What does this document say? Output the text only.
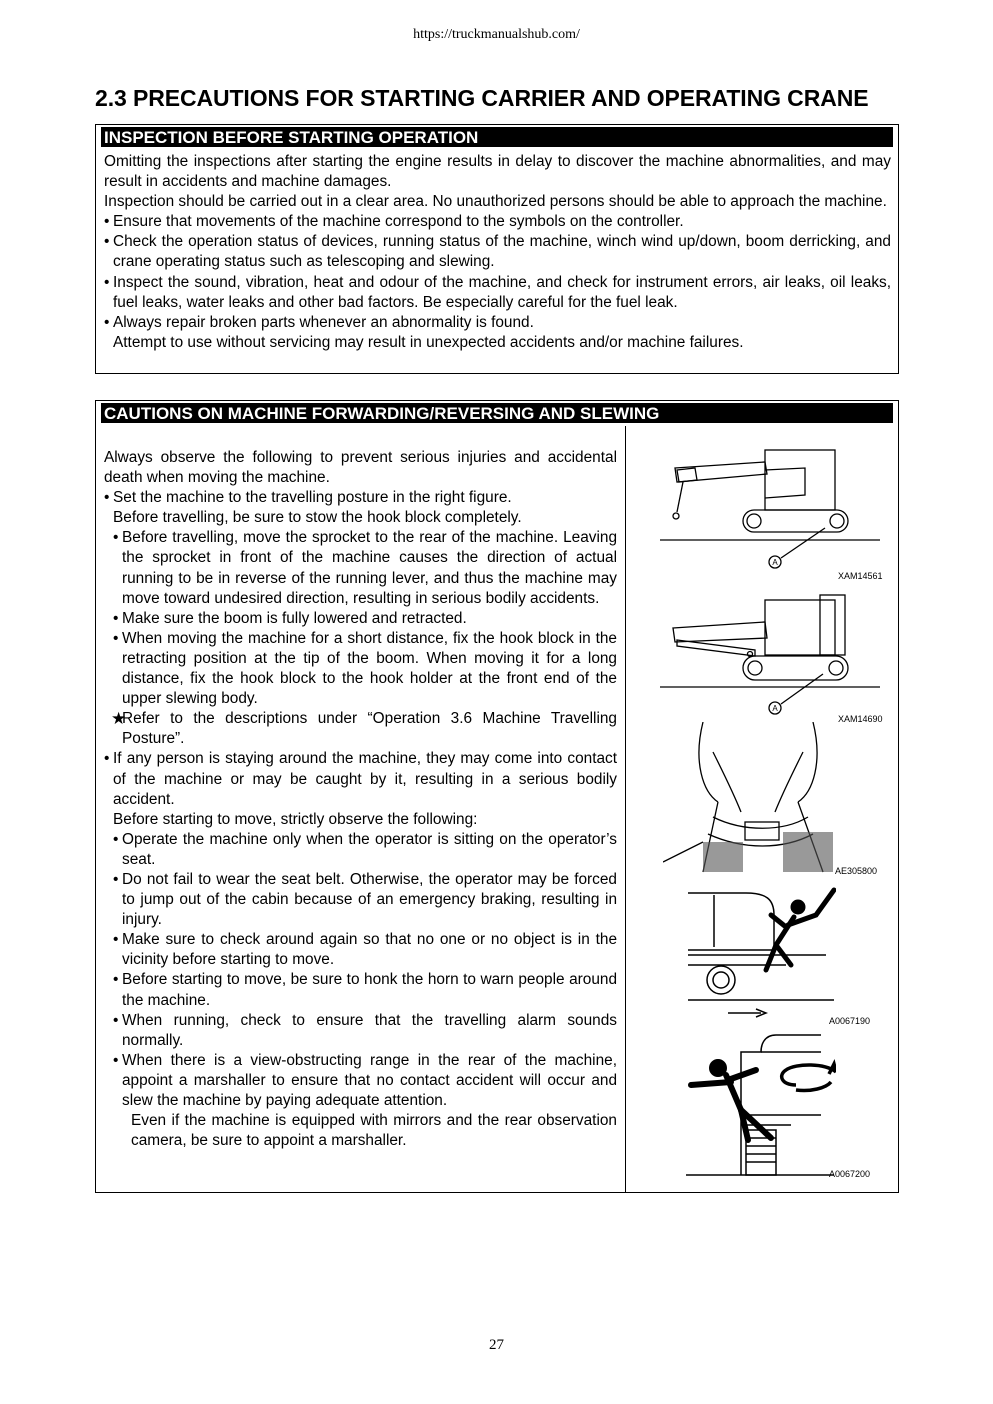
https://truckmanualshub.com/
2.3 PRECAUTIONS FOR STARTING CARRIER AND OPERATING CRANE
INSPECTION BEFORE STARTING OPERATION

Omitting the inspections after starting the engine results in delay to discover the machine abnormalities, and may result in accidents and machine damages.

Inspection should be carried out in a clear area. No unauthorized persons should be able to approach the machine.

• Ensure that movements of the machine correspond to the symbols on the controller.
• Check the operation status of devices, running status of the machine, winch wind up/down, boom derricking, and crane operating status such as telescoping and slewing.
• Inspect the sound, vibration, heat and odour of the machine, and check for instrument errors, air leaks, oil leaks, fuel leaks, water leaks and other bad factors. Be especially careful for the fuel leak.
• Always repair broken parts whenever an abnormality is found.

Attempt to use without servicing may result in unexpected accidents and/or machine failures.

CAUTIONS ON MACHINE FORWARDING/REVERSING AND SLEWING

Always observe the following to prevent serious injuries and accidental death when moving the machine.

• Set the machine to the travelling posture in the right figure.

Before travelling, be sure to stow the hook block completely.

• Before travelling, move the sprocket to the rear of the machine. Leaving the sprocket in front of the machine causes the direction of actual running to be in reverse of the running lever, and thus the machine may move toward undesired direction, resulting in serious bodily accidents.
• Make sure the boom is fully lowered and retracted.
• When moving the machine for a short distance, fix the hook block in the retracting position at the tip of the boom. When moving it for a long distance, fix the hook block to the hook holder at the front end of the upper slewing body.
★
Refer to the descriptions under “Operation 3.6 Machine Travelling Posture”.
• If any person is staying around the machine, they may come into contact of the machine or may be caught by it, resulting in a serious bodily accident.

Before starting to move, strictly observe the following:

• Operate the machine only when the operator is sitting on the operator’s seat.
• Do not fail to wear the seat belt. Otherwise, the operator may be forced to jump out of the cabin because of an emergency braking, resulting in injury.
• Make sure to check around again so that no one or no object is in the vicinity before starting to move.
• Before starting to move, be sure to honk the horn to warn people around the machine.
• When running, check to ensure that the travelling alarm sounds normally.
• When there is a view-obstructing range in the rear of the machine, appoint a marshaller to ensure that no contact accident will occur and slew the machine by paying adequate attention.

Even if the machine is equipped with mirrors and the rear observation camera, be sure to appoint a marshaller.

A
XAM14561
A
XAM14690
AE305800
A0067190
A0067200
27
